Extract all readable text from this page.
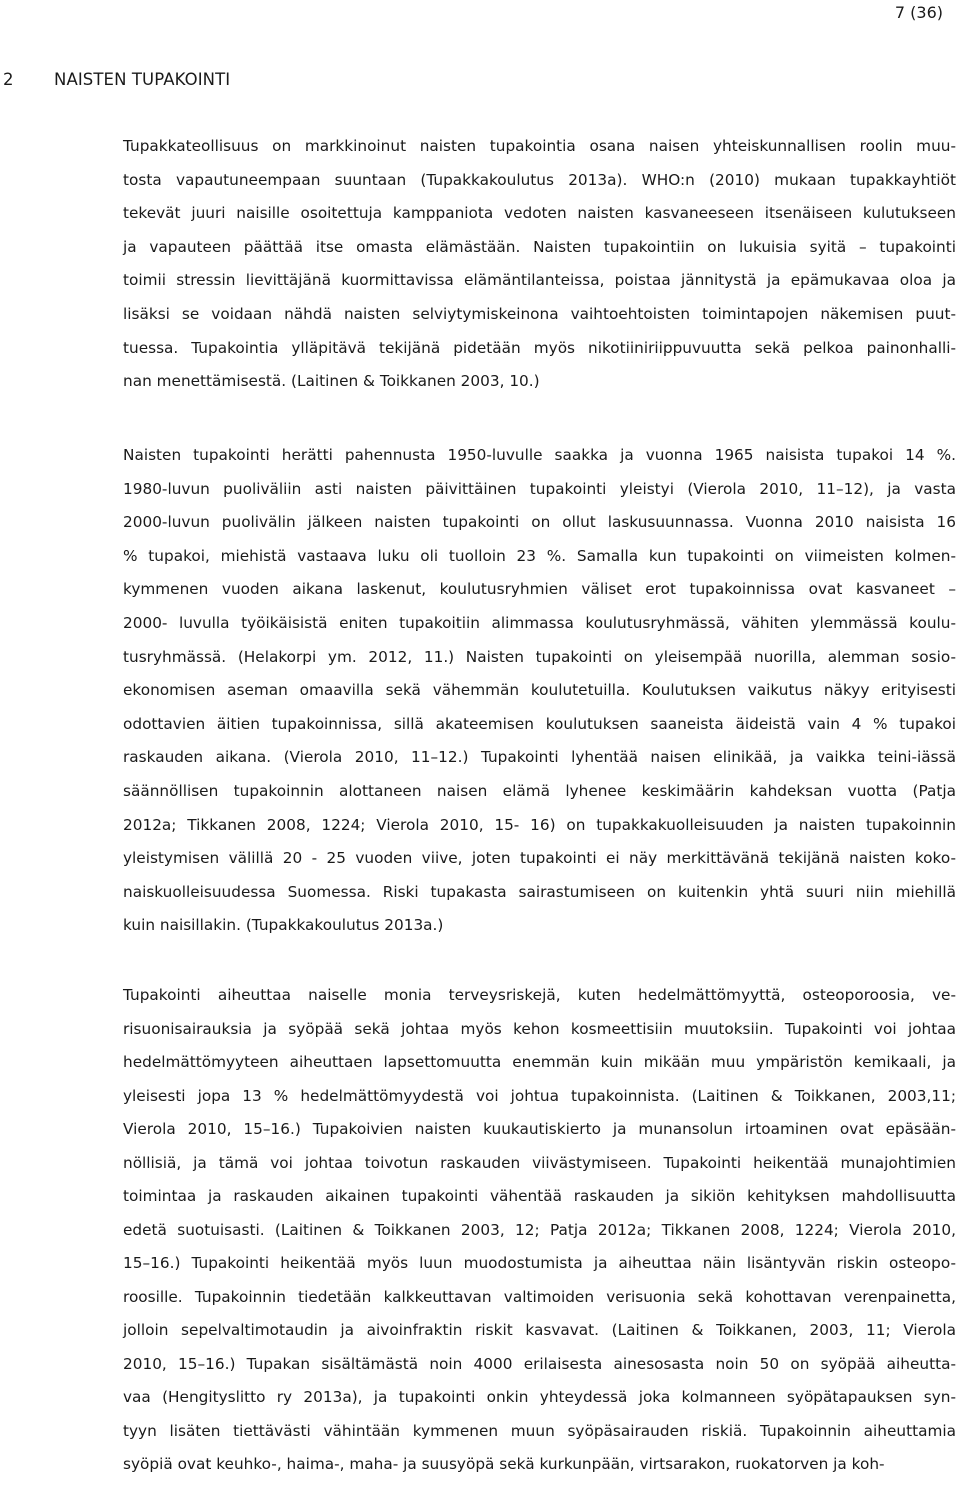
7 (36)
2 NAISTEN TUPAKOINTI
Tupakkateollisuus on markkinoinut naisten tupakointia osana naisen yhteiskunnallisen roolin muu-
tosta vapautuneempaan suuntaan (Tupakkakoulutus 2013a). WHO:n (2010) mukaan tupakkayhtiöt
tekevät juuri naisille osoitettuja kamppaniota vedoten naisten kasvaneeseen itsenäiseen kulutukseen
ja vapauteen päättää itse omasta elämästään. Naisten tupakointiin on lukuisia syitä – tupakointi
toimii stressin lievittäjänä kuormittavissa elämäntilanteissa, poistaa jännitystä ja epämukavaa oloa ja
lisäksi se voidaan nähdä naisten selviytymiskeinona vaihtoehtoisten toimintapojen näkemisen puut-
tuessa. Tupakointia ylläpitävä tekijänä pidetään myös nikotiiniriippuvuutta sekä pelkoa painonhalli-
nan menettämisestä. (Laitinen & Toikkanen 2003, 10.)
Naisten tupakointi herätti pahennusta 1950-luvulle saakka ja vuonna 1965 naisista tupakoi 14 %.
1980-luvun puoliväliin asti naisten päivittäinen tupakointi yleistyi (Vierola 2010, 11–12), ja vasta
2000-luvun puolivälin jälkeen naisten tupakointi on ollut laskusuunnassa. Vuonna 2010 naisista 16
% tupakoi, miehistä vastaava luku oli tuolloin 23 %. Samalla kun tupakointi on viimeisten kolmen-
kymmenen vuoden aikana laskenut, koulutusryhmien väliset erot tupakoinnissa ovat kasvaneet –
2000- luvulla työikäisistä eniten tupakoitiin alimmassa koulutusryhmässä, vähiten ylemmässä koulu-
tusryhmässä. (Helakorpi ym. 2012, 11.) Naisten tupakointi on yleisempää nuorilla, alemman sosio-
ekonomisen aseman omaavilla sekä vähemmän koulutetuilla. Koulutuksen vaikutus näkyy erityisesti
odottavien äitien tupakoinnissa, sillä akateemisen koulutuksen saaneista äideistä vain 4 % tupakoi
raskauden aikana. (Vierola 2010, 11–12.) Tupakointi lyhentää naisen elinikää, ja vaikka teini-iässä
säännöllisen tupakoinnin alottaneen naisen elämä lyhenee keskimäärin kahdeksan vuotta (Patja
2012a; Tikkanen 2008, 1224; Vierola 2010, 15- 16) on tupakkakuolleisuuden ja naisten tupakoinnin
yleistymisen välillä 20 - 25 vuoden viive, joten tupakointi ei näy merkittävänä tekijänä naisten koko-
naiskuolleisuudessa Suomessa. Riski tupakasta sairastumiseen on kuitenkin yhtä suuri niin miehillä
kuin naisillakin. (Tupakkakoulutus 2013a.)
Tupakointi aiheuttaa naiselle monia terveysriskejä, kuten hedelmättömyyttä, osteoporoosia, ve-
risuonisairauksia ja syöpää sekä johtaa myös kehon kosmeettisiin muutoksiin. Tupakointi voi johtaa
hedelmättömyyteen aiheuttaen lapsettomuutta enemmän kuin mikään muu ympäristön kemikaali, ja
yleisesti jopa 13 % hedelmättömyydestä voi johtua tupakoinnista. (Laitinen & Toikkanen, 2003,11;
Vierola 2010, 15–16.) Tupakoivien naisten kuukautiskierto ja munansolun irtoaminen ovat epäsään-
nöllisiä, ja tämä voi johtaa toivotun raskauden viivästymiseen. Tupakointi heikentää munajohtimien
toimintaa ja raskauden aikainen tupakointi vähentää raskauden ja sikiön kehityksen mahdollisuutta
edetä suotuisasti. (Laitinen & Toikkanen 2003, 12; Patja 2012a; Tikkanen 2008, 1224; Vierola 2010,
15–16.) Tupakointi heikentää myös luun muodostumista ja aiheuttaa näin lisäntyvän riskin osteopo-
roosille. Tupakoinnin tiedetään kalkkeuttavan valtimoiden verisuonia sekä kohottavan verenpainetta,
jolloin sepelvaltimotaudin ja aivoinfraktin riskit kasvavat. (Laitinen & Toikkanen, 2003, 11; Vierola
2010, 15–16.) Tupakan sisältämästä noin 4000 erilaisesta ainesosasta noin 50 on syöpää aiheutta-
vaa (Hengityslitto ry 2013a), ja tupakointi onkin yhteydessä joka kolmanneen syöpätapauksen syn-
tyyn lisäten tiettävästi vähintään kymmenen muun syöpäsairauden riskiä. Tupakoinnin aiheuttamia
syöpiä ovat keuhko-, haima-, maha- ja suusyöpä sekä kurkunpään, virtsarakon, ruokatorven ja koh-
